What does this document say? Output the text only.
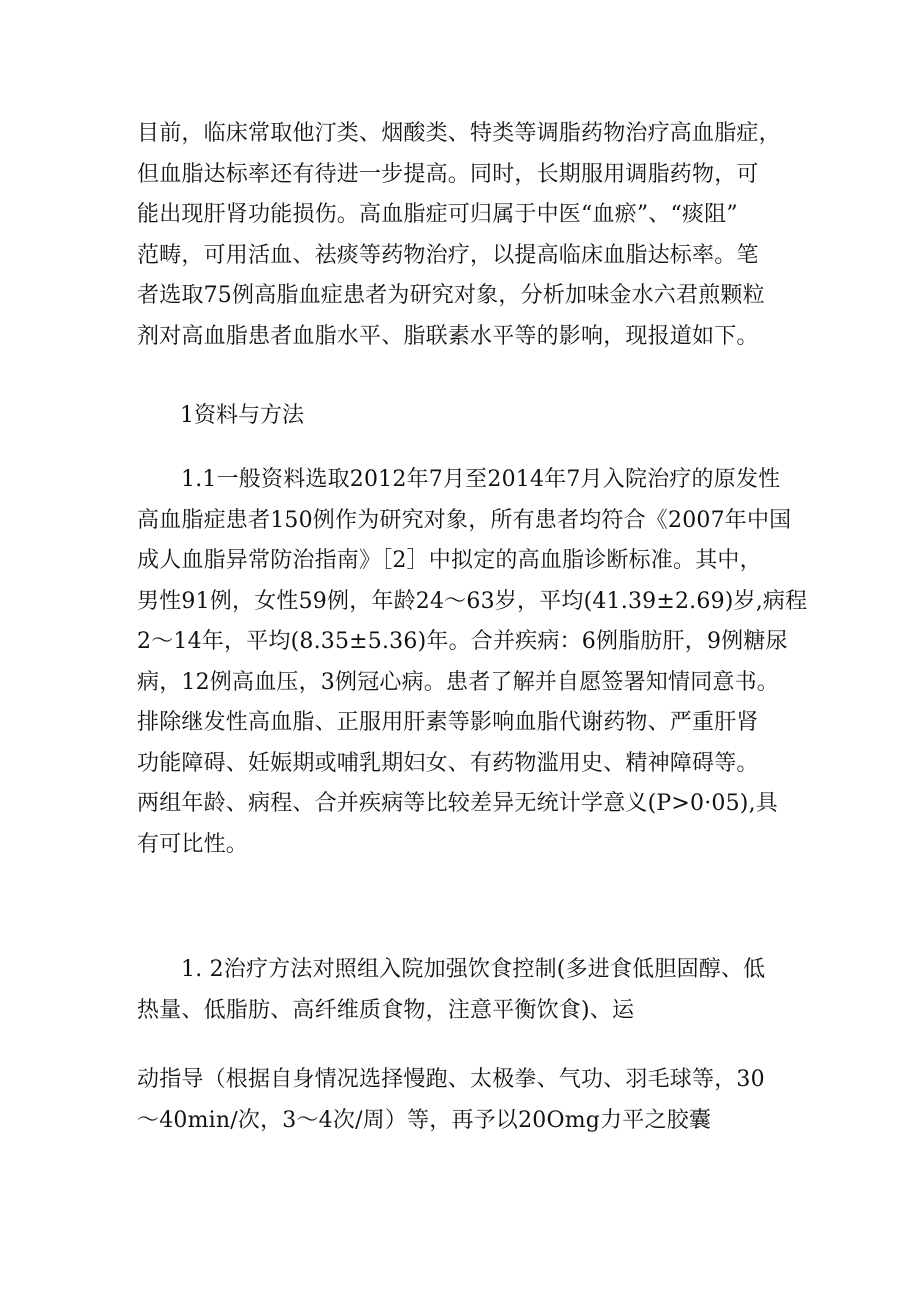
目前，临床常取他汀类、烟酸类、特类等调脂药物治疗高血脂症，
但血脂达标率还有待进一步提高。同时，长期服用调脂药物，可
能出现肝肾功能损伤。高血脂症可归属于中医“血瘀”、“痰阻”
范畴，可用活血、祛痰等药物治疗，以提高临床血脂达标率。笔
者选取75例高脂血症患者为研究对象，分析加味金水六君煎颗粒
剂对高血脂患者血脂水平、脂联素水平等的影响，现报道如下。

1资料与方法

1.1一般资料选取2012年7月至2014年7月入院治疗的原发性
高血脂症患者150例作为研究对象，所有患者均符合《2007年中国
成人血脂异常防治指南》［2］中拟定的高血脂诊断标准。其中，
男性91例，女性59例，年龄24～63岁，平均(41.39±2.69)岁,病程
2～14年，平均(8.35±5.36)年。合并疾病：6例脂肪肝，9例糖尿
病，12例高血压，3例冠心病。患者了解并自愿签署知情同意书。
排除继发性高血脂、正服用肝素等影响血脂代谢药物、严重肝肾
功能障碍、妊娠期或哺乳期妇女、有药物滥用史、精神障碍等。
两组年龄、病程、合并疾病等比较差异无统计学意义(P>0·05),具
有可比性。

1. 2治疗方法对照组入院加强饮食控制(多进食低胆固醇、低
热量、低脂肪、高纤维质食物，注意平衡饮食)、运

动指导（根据自身情况选择慢跑、太极拳、气功、羽毛球等，30
～40min∕次，3～4次/周）等，再予以20Omg力平之胶囊
